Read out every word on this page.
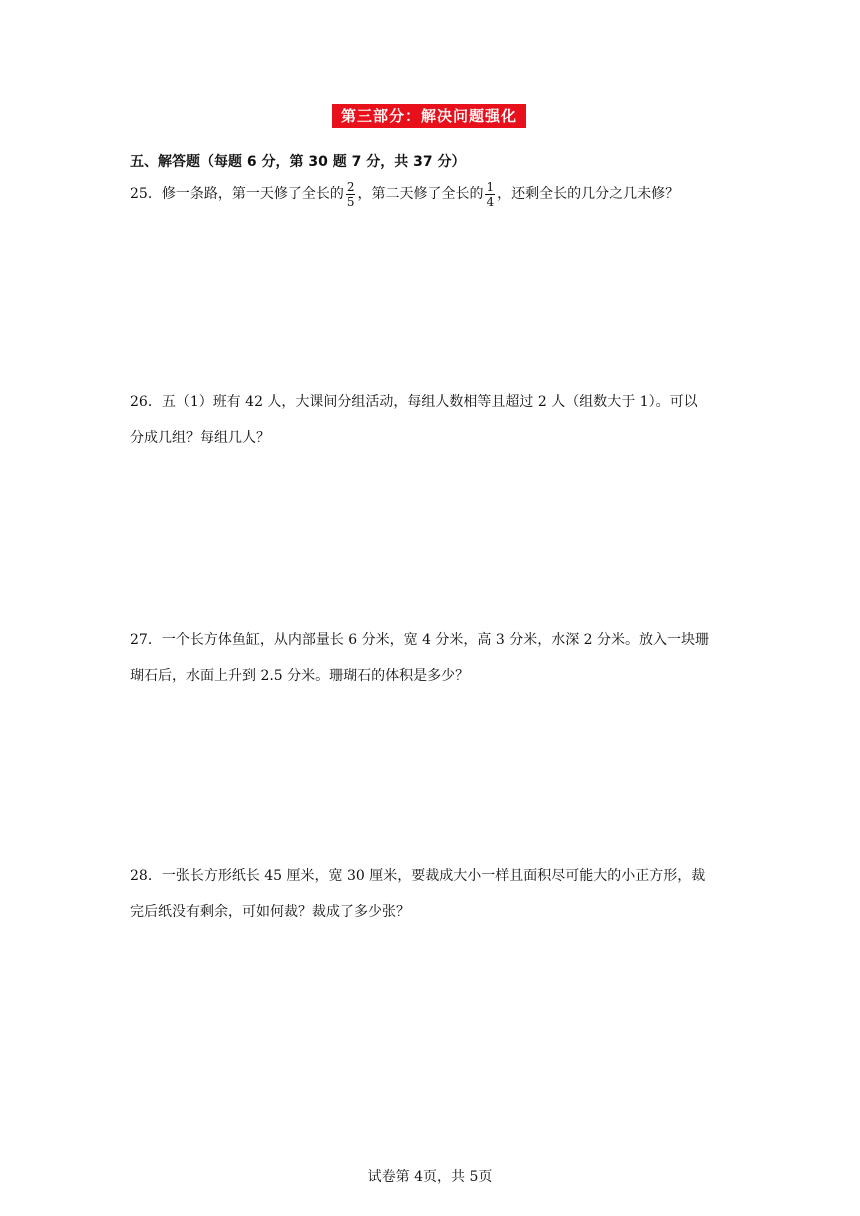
第三部分：解决问题强化
五、解答题（每题 6 分，第 30 题 7 分，共 37 分）

25．修一条路，第一天修了全长的 $\frac{2}{5}$ ，第二天修了全长的 $\frac{1}{4}$ ，还剩全长的几分之几未修？

26．五（1）班有 42 人，大课间分组活动，每组人数相等且超过 2 人（组数大于 1）。可以

分成几组？每组几人？

27．一个长方体鱼缸，从内部量长 6 分米，宽 4 分米，高 3 分米，水深 2 分米。放入一块珊

瑚石后，水面上升到 2.5 分米。珊瑚石的体积是多少？

28．一张长方形纸长 45 厘米，宽 30 厘米，要裁成大小一样且面积尽可能大的小正方形，裁

完后纸没有剩余，可如何裁？裁成了多少张？

试卷第 4页，共 5页
